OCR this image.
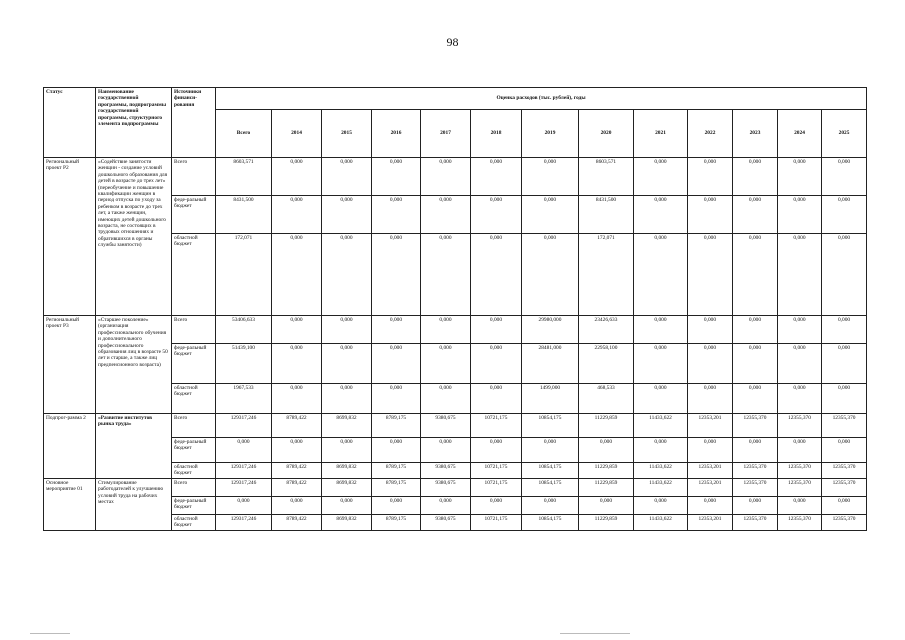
98
Статус	Наименование государственной программы, подпрограммы государственной программы, структурного элемента подпрограммы	Источники финанси-рования	Оценка расходов (тыс. рублей), годы												
			Всего	2014	2015	2016	2017	2018	2019	2020	2021	2022	2023	2024	2025
Региональный проект Р2	«Содействие занятости женщин - создание условий дошкольного образования для детей в возрасте до трех лет» (переобучение и повышение квалификации женщин в период отпуска по уходу за ребенком в возрасте до трех лет, а также женщин, имеющих детей дошкольного возраста, не состоящих в трудовых отношениях и обратившихся в органы службы занятости)	Всего	8603,571	0,000	0,000	0,000	0,000	0,000	0,000	8603,571	0,000	0,000	0,000	0,000	0,000
		феде-ральный бюджет	8431,500	0,000	0,000	0,000	0,000	0,000	0,000	8431,500	0,000	0,000	0,000	0,000	0,000
		областной бюджет	172,071	0,000	0,000	0,000	0,000	0,000	0,000	172,071	0,000	0,000	0,000	0,000	0,000
Региональный проект Р3	«Старшее поколение» (организация профессионального обучения и дополнительного профессионального образования лиц в возрасте 50 лет и старше, а также лиц предпенсионного возраста)	Всего	53406,633	0,000	0,000	0,000	0,000	0,000	29980,000	23426,633	0,000	0,000	0,000	0,000	0,000
		феде-ральный бюджет	51439,100	0,000	0,000	0,000	0,000	0,000	28481,000	22958,100	0,000	0,000	0,000	0,000	0,000
		областной бюджет	1967,533	0,000	0,000	0,000	0,000	0,000	1499,000	468,533	0,000	0,000	0,000	0,000	0,000
Подпрог-рамма 2	«Развитие институтов рынка труда»	Всего	129317,246	8789,422	8699,832	8789,175	9380,675	10721,175	10854,175	11229,859	11433,622	12353,201	12355,370	12355,370	12355,370
		феде-ральный бюджет	0,000	0,000	0,000	0,000	0,000	0,000	0,000	0,000	0,000	0,000	0,000	0,000	0,000
		областной бюджет	129317,246	8789,422	8699,832	8789,175	9380,675	10721,175	10854,175	11229,859	11433,622	12353,201	12355,370	12355,370	12355,370
Основное мероприятие 01	Стимулирование работодателей к улучшению условий труда на рабочих местах	Всего	129317,246	8789,422	8699,832	8789,175	9380,675	10721,175	10854,175	11229,859	11433,622	12353,201	12355,370	12355,370	12355,370
		феде-ральный бюджет	0,000	0,000	0,000	0,000	0,000	0,000	0,000	0,000	0,000	0,000	0,000	0,000	0,000
		областной бюджет	129317,246	8789,422	8699,832	8789,175	9380,675	10721,175	10854,175	11229,859	11433,622	12353,201	12355,370	12355,370	12355,370
